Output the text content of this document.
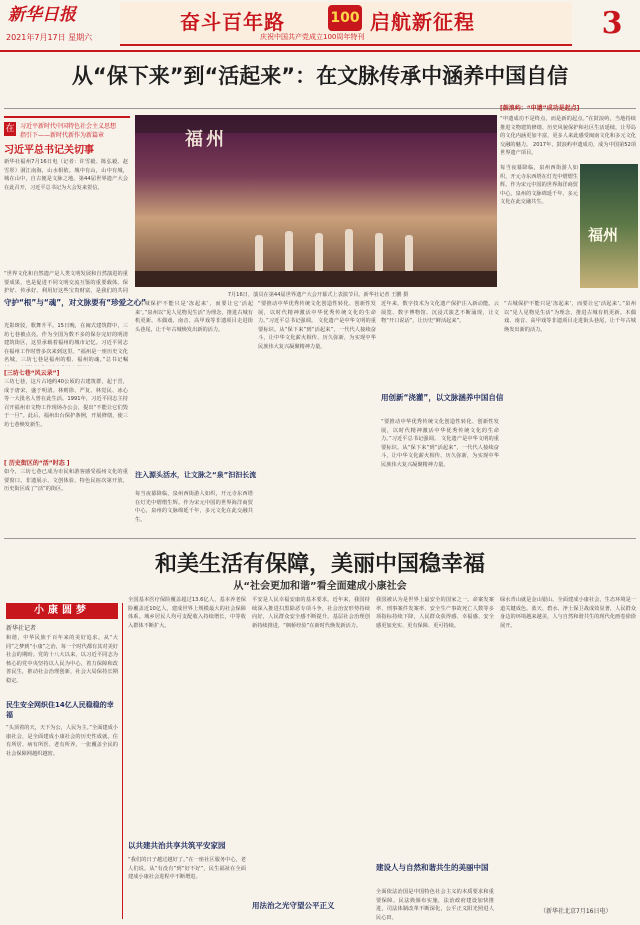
新华日报
2021年7月17日 星期六
奋斗百年路	100 启航新征程
庆祝中国共产党成立100周年特刊	3
从“保下来”到“活起来”：在文脉传承中涵养中国自信
在 习近平新时代中国特色社会主义思想
指引下——新时代新作为新篇章
习近平总书记关切事
新华社福州7月16日电（记者：许雪毅、陈弘毅、赵雪彤）洞江南海，山水相依。城中有山，山中有城，城在山中，自古便是文脉之地。第44届世界遗产大会在此召开，习近平总书记为大会发来贺信。
“世界文化和自然遗产是人类文明发展和自然演进的重要成果，也是促进不同文明交流互鉴的重要载体。保护好、传承好、利用好这些宝贵财富，是我们的共同
守护“根”与“魂”，对文脉要有“珍爱之心”
光影斑驳，歌舞升平。15日晚，在闽式建筑群中，三坊七巷被点亮。作为全国为数不多的保存完好的明清建筑街区，这里承载着福州的城市记忆。习近平同志在福州工作时曾多次来到这里。“福州是一座历史文化名城，三坊七巷是福州的根、福州的魂。”总书记嘱
[三坊七巷“风云录”]
三坊七巷，这片占地约40公顷的古建筑群，起于晋，成于唐宋，盛于明清。林则徐、严复、林觉民、冰心等一大批名人曾在此生活。1991年，习近平同志主持召开福州市文物工作现场办公会，提出“不能让它们毁于一旦”。此后，福州出台保护条例，开展修缮，使三坊七巷焕发新生。
[ 历史街区的“活”时态 ]
如今，三坊七巷已成为市民和游客感受福州文化的重要窗口。非遗展示、文创体验、特色民宿次第开放，历史街区成了“活”的街区。
福州
“申遗成功不是终点，而是新的起点。”在鼓浪屿，当地持续推进文物建筑修缮、历史风貌保护和社区生活延续，让琴岛的文化内涵更加丰富，更多人来此感受闽南文化和多元文化交融的魅力。 2017年，鼓浪屿申遗成功，成为中国第52项世界遗产项目。
[鼓浪屿：“申遗”成功是起点]
每当夜幕降临，泉州西街游人如织，开元寺东西塔在灯光中熠熠生辉。作为宋元中国的世界海洋商贸中心，泉州的文脉绵延千年，多元文化在此交融共生。
福州
7月16日，演员在第44届世界遗产大会开幕式上表演节目。新华社记者 王鹏 摄
“古城保护不能只是‘冻起来’，而要让它‘活起来’。”泉州以“见人见物见生活”为理念，推进古城有机更新。木偶戏、南音、高甲戏等非遗项目走进街头巷尾，让千年古城焕发出新的活力。
注入源头活水，让文脉之“泉”汩汩长流
每当夜幕降临，泉州西街游人如织，开元寺东西塔在灯光中熠熠生辉。作为宋元中国的世界海洋商贸中心，泉州的文脉绵延千年，多元文化在此交融共生。
“要推动中华优秀传统文化创造性转化、创新性发展，以时代精神激活中华优秀传统文化的生命力。”习近平总书记强调。 文化遗产是中华文明的重要标识。从“保下来”到“活起来”，一代代人接续奋斗，让中华文化薪火相传、历久弥新，为实现中华民族伟大复兴凝聚精神力量。
近年来，数字技术为文化遗产保护注入新动能。云展览、数字博物馆、沉浸式演艺不断涌现，让文物“开口说话”，让历史“鲜活起来”。
用创新“浇灌”，以文脉涵养中国自信
“要推动中华优秀传统文化创造性转化、创新性发展，以时代精神激活中华优秀传统文化的生命力。”习近平总书记强调。 文化遗产是中华文明的重要标识。从“保下来”到“活起来”，一代代人接续奋斗，让中华文化薪火相传、历久弥新，为实现中华民族伟大复兴凝聚精神力量。
“古城保护不能只是‘冻起来’，而要让它‘活起来’。”泉州以“见人见物见生活”为理念，推进古城有机更新。木偶戏、南音、高甲戏等非遗项目走进街头巷尾，让千年古城焕发出新的活力。
和美生活有保障，美丽中国稳幸福
从“社会更加和谐”看全面建成小康社会
小康圆梦
新华社记者
和谐，中华民族千百年来的美好追求。从“大同”之梦到“小康”之治，每一个时代都有其对美好社会的期盼。党的十八大以来，以习近平同志为核心的党中央坚持以人民为中心，着力保障和改善民生，推动社会治理创新，社会大局保持长期稳定。
民生安全网织住14亿人民稳稳的幸福
“头顶着的天，天下为公，人民为主。”全面建成小康社会，是全面建成小康社会的历史性成就。住有所居、病有所医、老有所养，一张覆盖全民的社会保障网越织越密。
全国基本医疗保险覆盖超过13.6亿人，基本养老保险覆盖近10亿人，建成世界上规模最大的社会保障体系。城乡居民人均可支配收入持续增长，中等收入群体不断扩大。
以共建共治共享共筑平安家园
“我们的日子越过越好了。”在一座社区服务中心，老人们说。从“有没有”到“好不好”，民生福祉在全面建成小康社会进程中不断增进。
平安是人民幸福安康的基本要求。近年来，我国持续深入推进扫黑除恶专项斗争，社会治安形势持续向好，人民群众安全感不断提升。基层社会治理创新持续推进，“枫桥经验”在新时代焕发新活力。
用法治之光守望公平正义
我国被认为是世界上最安全的国家之一。命案发案率、刑事案件发案率、安全生产事故死亡人数等多项指标持续下降，人民群众获得感、幸福感、安全感更加充实、更有保障、更可持续。
建设人与自然和谐共生的美丽中国
全面依法治国是中国特色社会主义的本质要求和重要保障。民法典颁布实施，法治政府建设加快推进，司法体制改革不断深化，公平正义阳光照进人民心田。
绿水青山就是金山银山。全面建成小康社会，生态环境是一道关键成色。蓝天、碧水、净土保卫战成效显著，人民群众身边的环境越来越美，人与自然和谐共生的现代化画卷徐徐展开。
（新华社北京7月16日电）
